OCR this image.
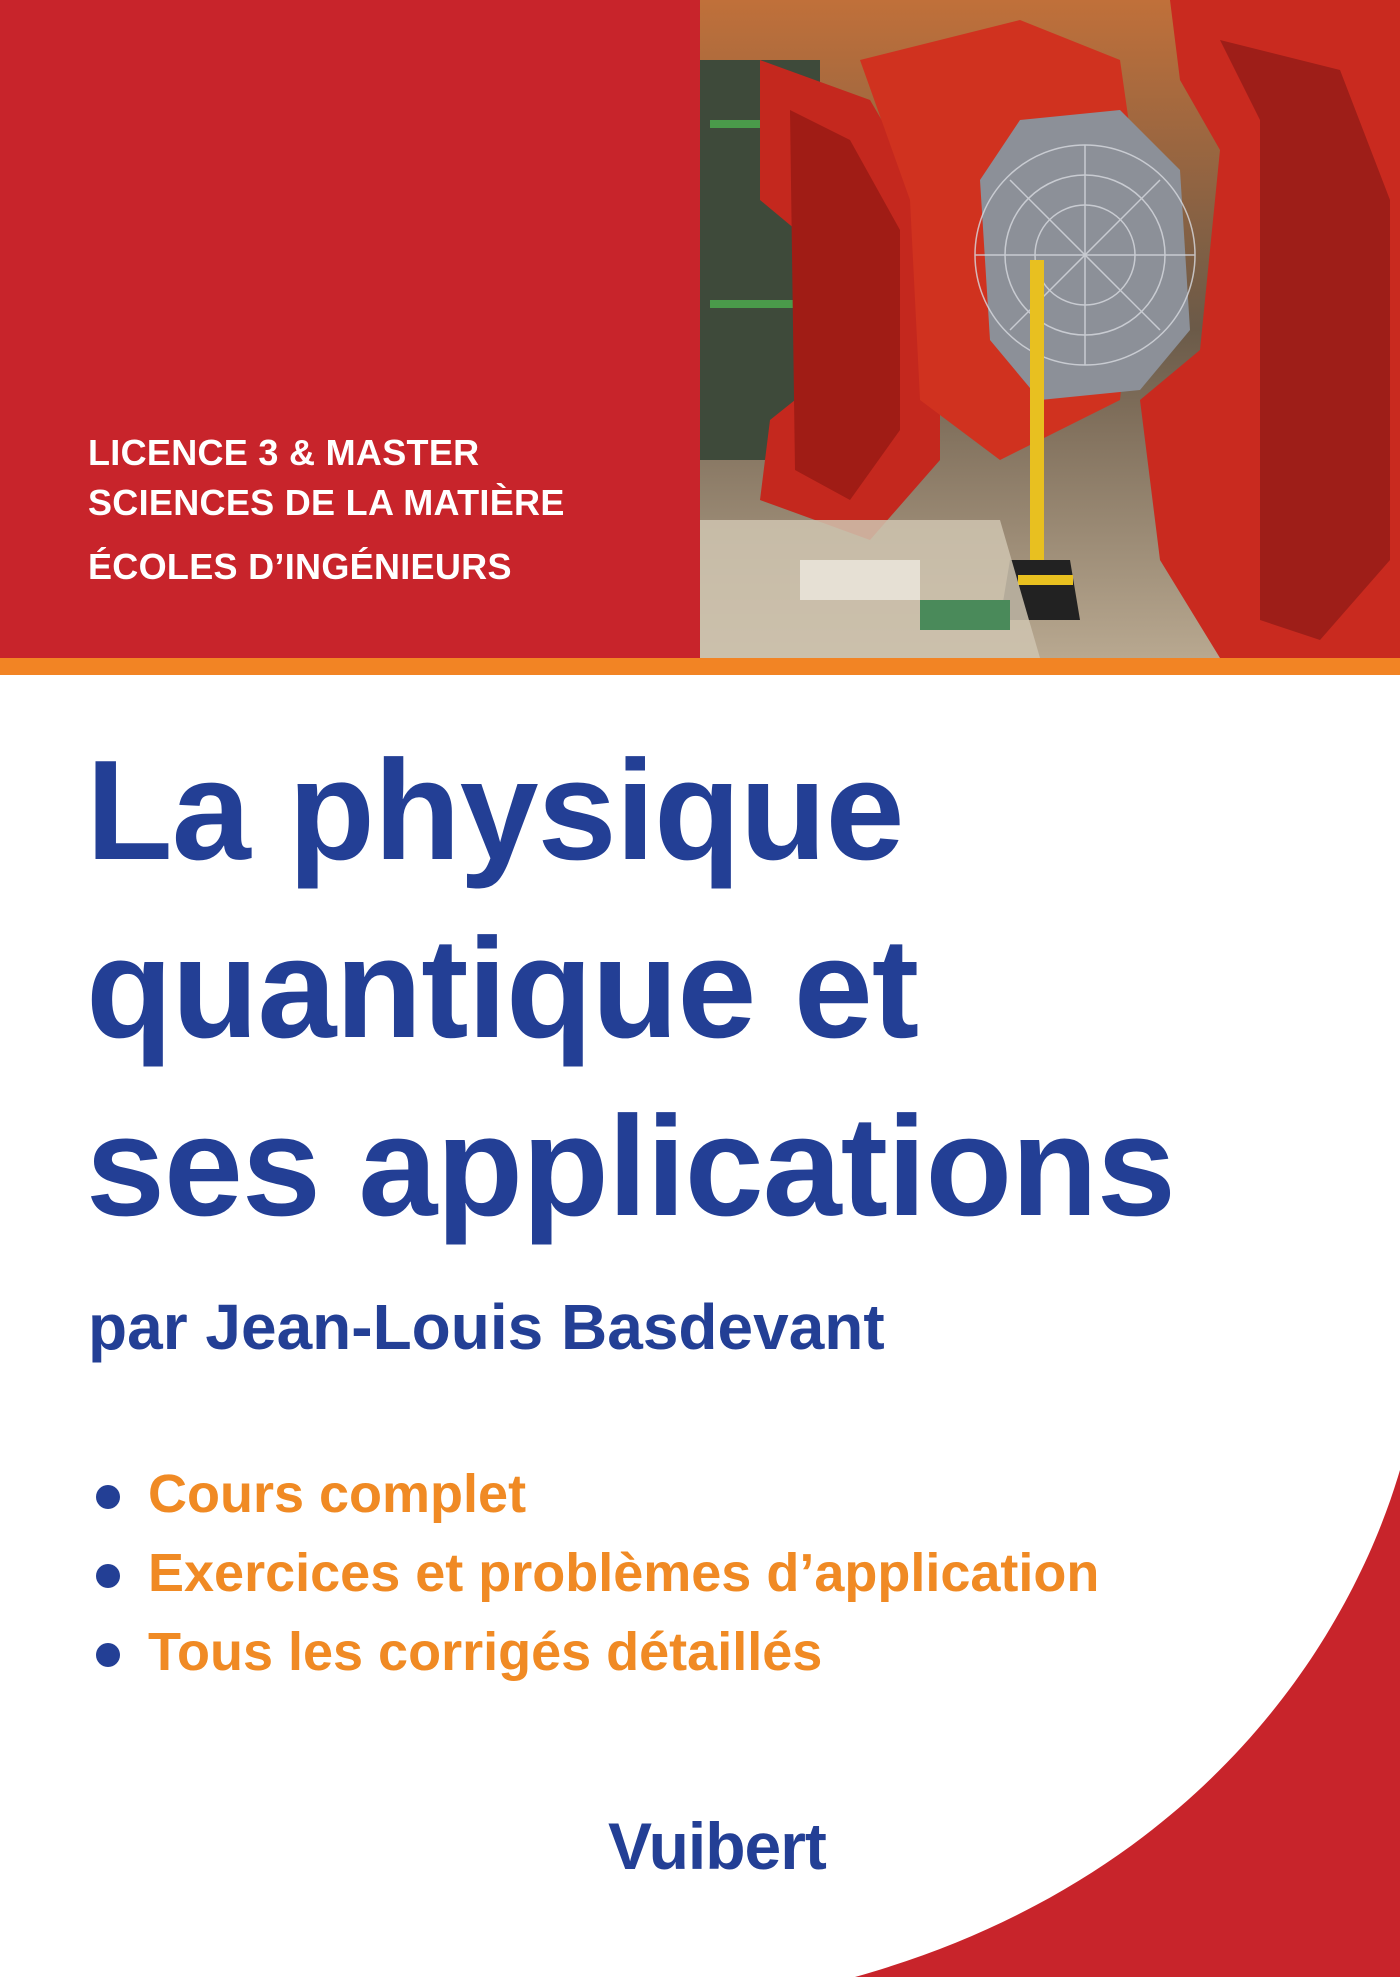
LICENCE 3 & MASTER
SCIENCES DE LA MATIÈRE
ÉCOLES D’INGÉNIEURS
La physique
quantique et
ses applications
par Jean-Louis Basdevant
Cours complet
Exercices et problèmes d’application
Tous les corrigés détaillés
Vuibert
